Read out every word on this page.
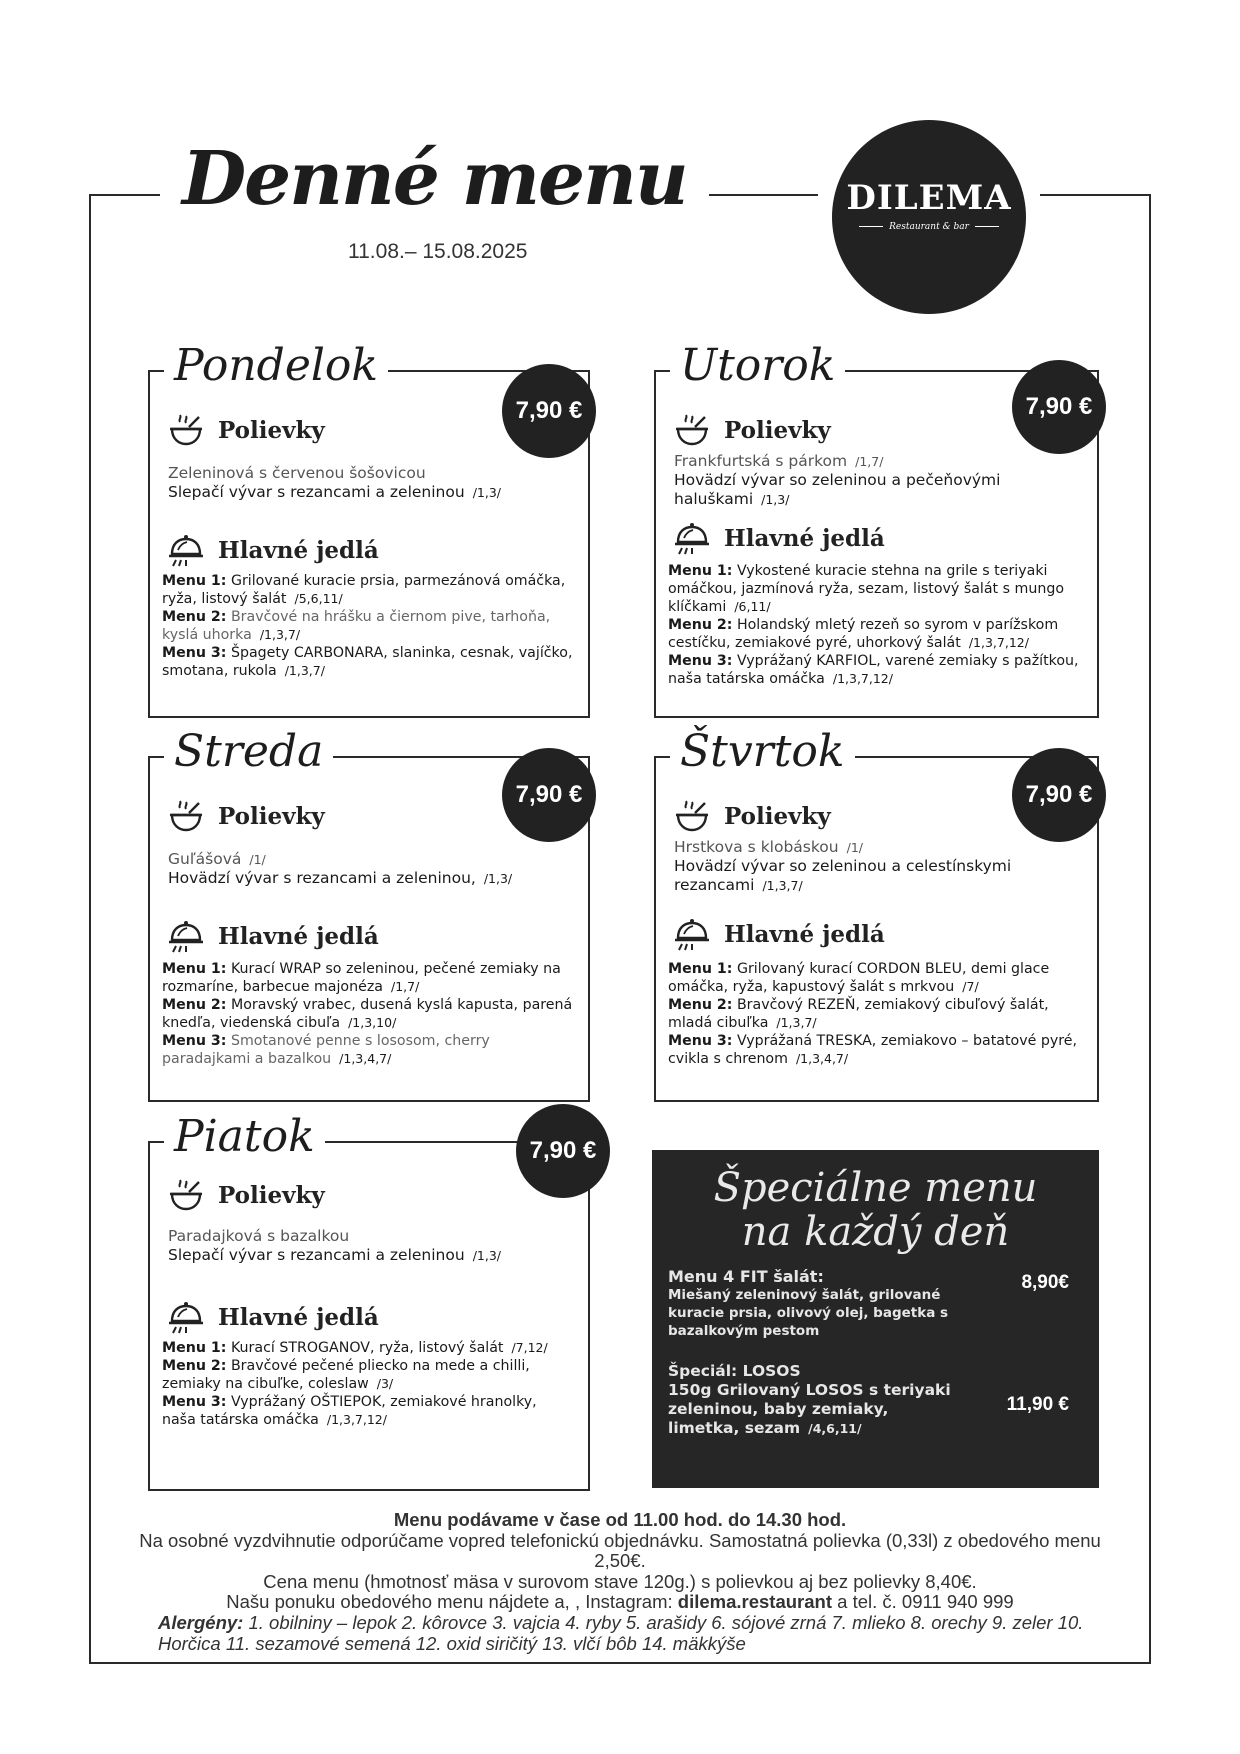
Denné menu
11.08.– 15.08.2025
DILEMA
Restaurant & bar
Pondelok
7,90 €
Polievky
Zeleninová s červenou šošovicou
Slepačí vývar s rezancami a zeleninou /1,3/
Hlavné jedlá

Menu 1: Grilované kuracie prsia, parmezánová omáčka, ryža, listový šalát /5,6,11/

Menu 2: Bravčové na hrášku a čiernom pive, tarhoňa, kyslá uhorka /1,3,7/

Menu 3: Špagety CARBONARA, slaninka, cesnak, vajíčko, smotana, rukola /1,3,7/

Utorok
7,90 €
Polievky
Frankfurtská s párkom /1,7/
Hovädzí vývar so zeleninou a pečeňovými haluškami /1,3/
Hlavné jedlá

Menu 1: Vykostené kuracie stehna na grile s teriyaki omáčkou, jazmínová ryža, sezam, listový šalát s mungo klíčkami /6,11/

Menu 2: Holandský mletý rezeň so syrom v parížskom cestíčku, zemiakové pyré, uhorkový šalát /1,3,7,12/

Menu 3: Vyprážaný KARFIOL, varené zemiaky s pažítkou, naša tatárska omáčka /1,3,7,12/

Streda
7,90 €
Polievky
Guľášová /1/
Hovädzí vývar s rezancami a zeleninou, /1,3/
Hlavné jedlá

Menu 1: Kurací WRAP so zeleninou, pečené zemiaky na rozmaríne, barbecue majonéza /1,7/

Menu 2: Moravský vrabec, dusená kyslá kapusta, parená knedľa, viedenská cibuľa /1,3,10/

Menu 3: Smotanové penne s lososom, cherry paradajkami a bazalkou /1,3,4,7/

Štvrtok
7,90 €
Polievky
Hrstkova s klobáskou /1/
Hovädzí vývar so zeleninou a celestínskymi rezancami /1,3,7/
Hlavné jedlá

Menu 1: Grilovaný kurací CORDON BLEU, demi glace omáčka, ryža, kapustový šalát s mrkvou /7/

Menu 2: Bravčový REZEŇ, zemiakový cibuľový šalát, mladá cibuľka /1,3,7/

Menu 3: Vyprážaná TRESKA, zemiakovo – batatové pyré, cvikla s chrenom /1,3,4,7/

Piatok	7,90 €
Polievky
Paradajková s bazalkou
Slepačí vývar s rezancami a zeleninou /1,3/
Hlavné jedlá

Menu 1: Kurací STROGANOV, ryža, listový šalát /7,12/

Menu 2: Bravčové pečené pliecko na mede a chilli, zemiaky na cibuľke, coleslaw /3/

Menu 3: Vyprážaný OŠTIEPOK, zemiakové hranolky, naša tatárska omáčka /1,3,7,12/

Špeciálne menu
na každý deň
Menu 4 FIT šalát:
Miešaný zeleninový šalát, grilované kuracie prsia, olivový olej, bagetka s bazalkovým pestom
8,90€
Špeciál: LOSOS
150g Grilovaný LOSOS s teriyaki zeleninou, baby zemiaky, limetka, sezam /4,6,11/
11,90 €
Menu podávame v čase od 11.00 hod. do 14.30 hod.
Na osobné vyzdvihnutie odporúčame vopred telefonickú objednávku. Samostatná polievka (0,33l) z obedového menu 2,50€.
Cena menu (hmotnosť mäsa v surovom stave 120g.) s polievkou aj bez polievky 8,40€.
Našu ponuku obedového menu nájdete a, , Instagram: dilema.restaurant a tel. č. 0911 940 999
Alergény: 1. obilniny – lepok 2. kôrovce 3. vajcia 4. ryby 5. arašidy 6. sójové zrná 7. mlieko 8. orechy 9. zeler 10. Horčica 11. sezamové semená 12. oxid siričitý 13. vlčí bôb 14. mäkkýše
